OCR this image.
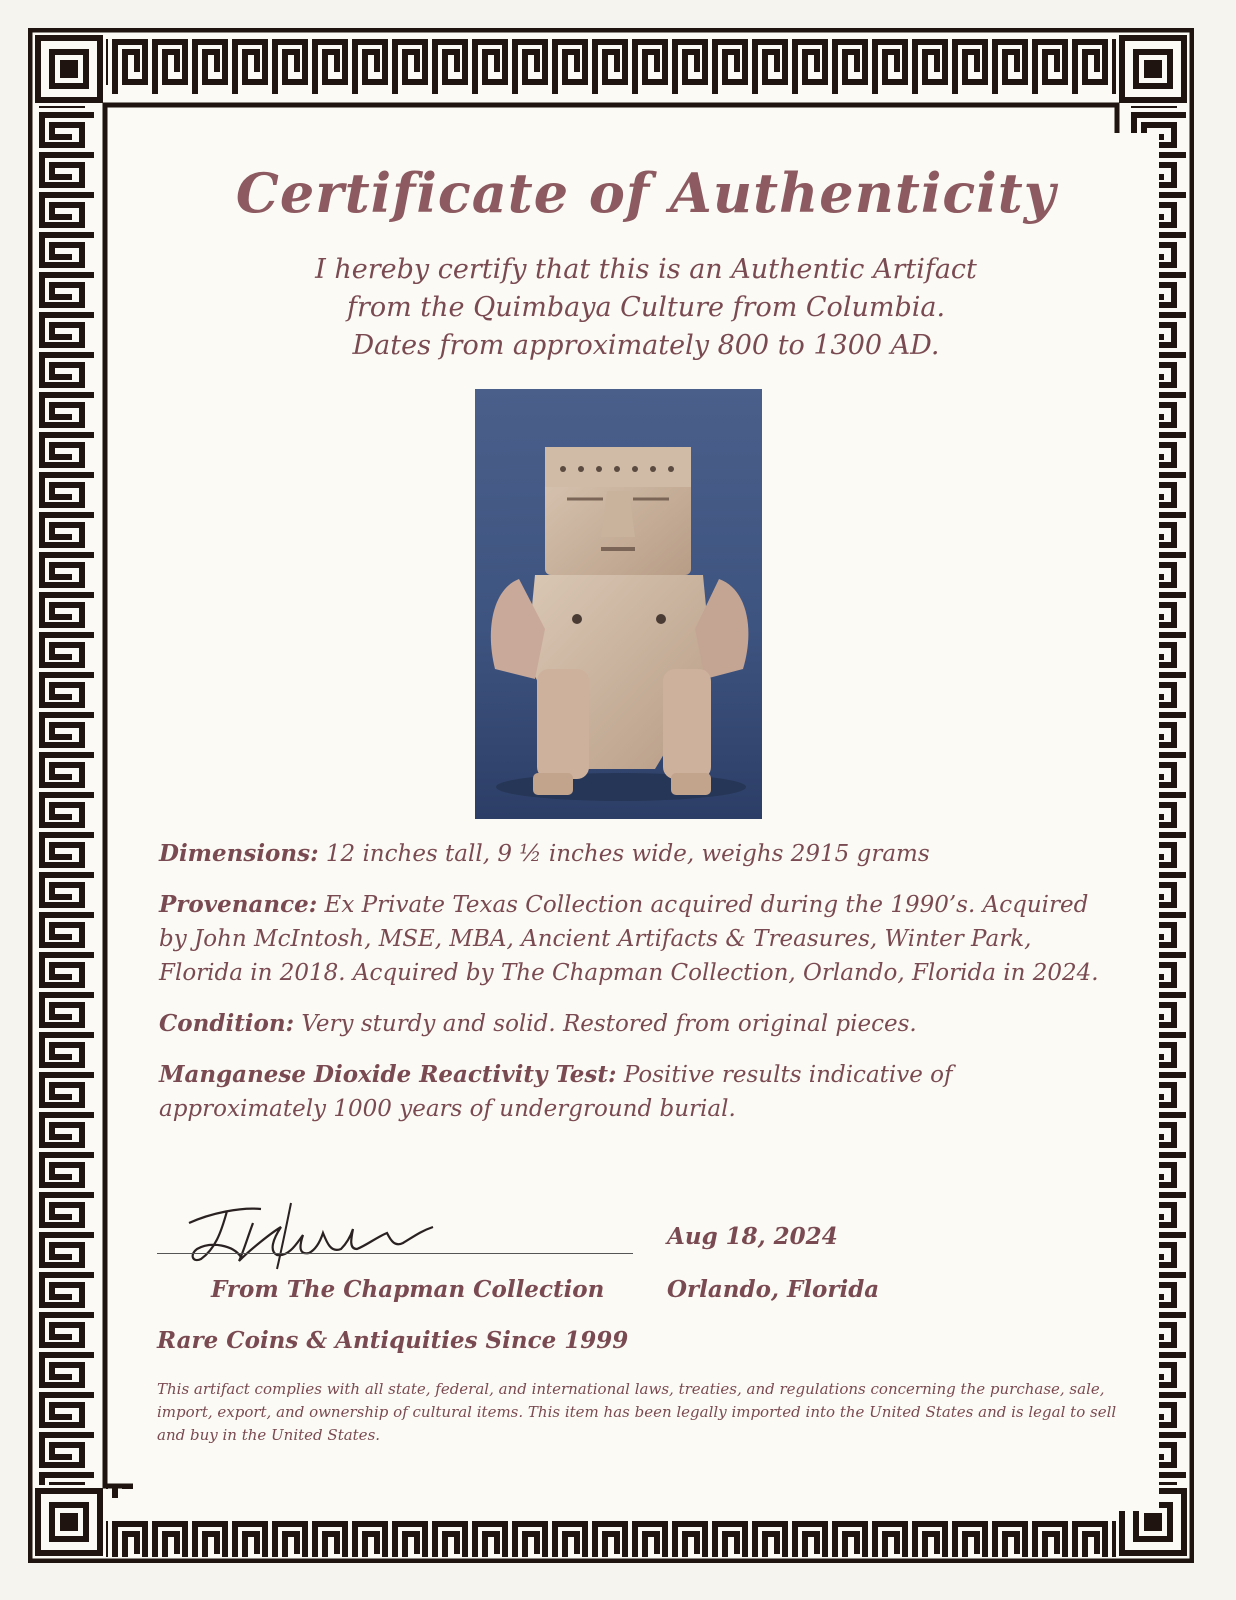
Certificate of Authenticity
I hereby certify that this is an Authentic Artifact
from the Quimbaya Culture from Columbia.
Dates from approximately 800 to 1300 AD.

Dimensions: 12 inches tall, 9 ½ inches wide, weighs 2915 grams

Provenance: Ex Private Texas Collection acquired during the 1990’s. Acquired by John McIntosh, MSE, MBA, Ancient Artifacts & Treasures, Winter Park, Florida in 2018. Acquired by The Chapman Collection, Orlando, Florida in 2024.

Condition: Very sturdy and solid. Restored from original pieces.

Manganese Dioxide Reactivity Test: Positive results indicative of approximately 1000 years of underground burial.

Aug 18, 2024
From The Chapman Collection	Orlando, Florida
Rare Coins & Antiquities Since 1999
This artifact complies with all state, federal, and international laws, treaties, and regulations concerning the purchase, sale, import, export, and ownership of cultural items. This item has been legally imported into the United States and is legal to sell and buy in the United States.
